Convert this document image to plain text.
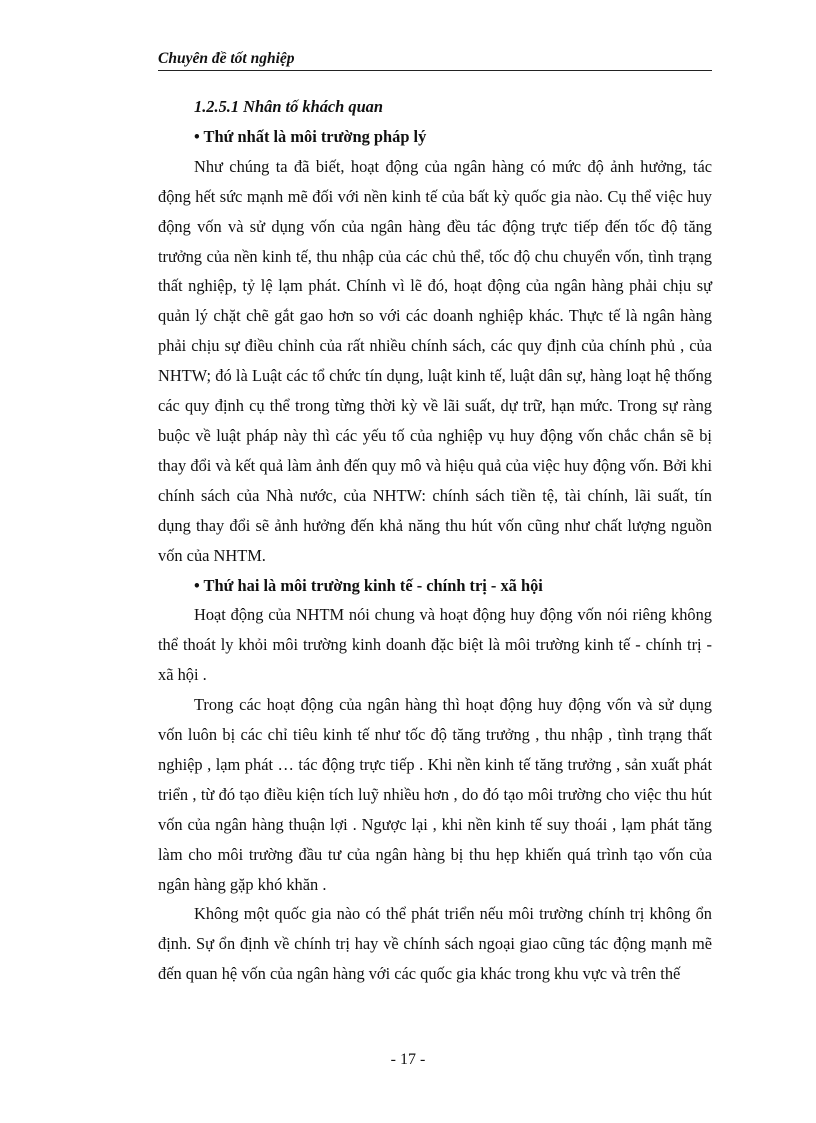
Chuyên đề tốt nghiệp

1.2.5.1 Nhân tố khách quan

• Thứ nhất là môi trường pháp lý

Như chúng ta đã biết, hoạt động của ngân hàng có mức độ ảnh hưởng, tác động hết sức mạnh mẽ đối với nền kinh tế của bất kỳ quốc gia nào. Cụ thể việc huy động vốn và sử dụng vốn của ngân hàng đều tác động trực tiếp đến tốc độ tăng trưởng của nền kinh tế, thu nhập của các chủ thể, tốc độ chu chuyển vốn, tình trạng thất nghiệp, tỷ lệ lạm phát. Chính vì lẽ đó, hoạt động của ngân hàng phải chịu sự quản lý chặt chẽ gắt gao hơn so với các doanh nghiệp khác. Thực tế là ngân hàng phải chịu sự điều chỉnh của rất nhiều chính sách, các quy định của chính phủ , của NHTW; đó là Luật các tổ chức tín dụng, luật kinh tế, luật dân sự, hàng loạt hệ thống các quy định cụ thể trong từng thời kỳ về lãi suất, dự trữ, hạn mức. Trong sự ràng buộc về luật pháp này thì các yếu tố của nghiệp vụ huy động vốn chắc chắn sẽ bị thay đổi và kết quả làm ảnh đến quy mô và hiệu quả của việc huy động vốn. Bởi khi chính sách của Nhà nước, của NHTW: chính sách tiền tệ, tài chính, lãi suất, tín dụng thay đổi sẽ ảnh hưởng đến khả năng thu hút vốn cũng như chất lượng nguồn vốn của NHTM.

• Thứ hai là môi trường kinh tế - chính trị - xã hội

Hoạt động của NHTM nói chung và hoạt động huy động vốn nói riêng không thể thoát ly khỏi môi trường kinh doanh đặc biệt là môi trường kinh tế - chính trị - xã hội .

Trong các hoạt động của ngân hàng thì hoạt động huy động vốn và sử dụng vốn luôn bị các chỉ tiêu kinh tế như tốc độ tăng trưởng , thu nhập , tình trạng thất nghiệp , lạm phát … tác động trực tiếp . Khi nền kinh tế tăng trưởng , sản xuất phát triển , từ đó tạo điều kiện tích luỹ nhiều hơn , do đó tạo môi trường cho việc thu hút vốn của ngân hàng thuận lợi . Ngược lại , khi nền kinh tế suy thoái , lạm phát tăng làm cho môi trường đầu tư của ngân hàng bị thu hẹp khiến quá trình tạo vốn của ngân hàng gặp khó khăn .

Không một quốc gia nào có thể phát triển nếu môi trường chính trị không ổn định. Sự ổn định về chính trị hay về chính sách ngoại giao cũng tác động mạnh mẽ đến quan hệ vốn của ngân hàng với các quốc gia khác trong khu vực và trên thế

- 17 -
